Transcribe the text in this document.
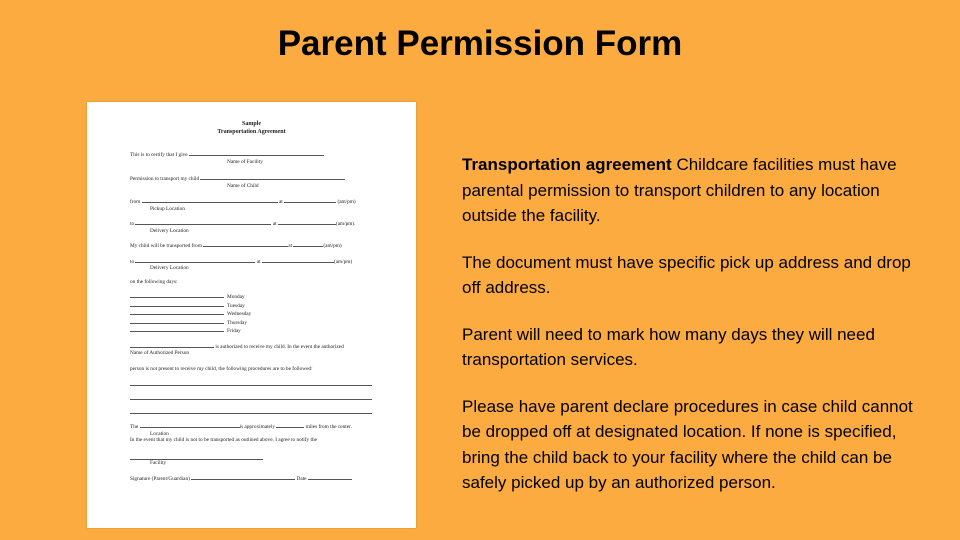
Parent Permission Form
Sample
Transportation Agreement
This is to certify that I give
Name of Facility
Permission to transport my child
Name of Child
from	at	(am/pm)
Pickup Location
to	at	(am/pm).
Delivery Location
My child will be transported from	at	(am/pm)
to	at	(am/pm)
Delivery Location
on the following days:
Monday
Tuesday
Wednesday
Thursday
Friday
is authorized to receive my child. In the event the authorized
Name of Authorized Person
person is not present to receive my child, the following procedures are to be followed:
The	is approximately	miles from the center.
Location
In the event that my child is not to be transported as outlined above, I agree to notify the
Facility
Signature (Parent/Guardian)	Date

Transportation agreement Childcare facilities must have parental permission to transport children to any location outside the facility.

The document must have specific pick up address and drop off address.

Parent will need to mark how many days they will need transportation services.

Please have parent declare procedures in case child cannot be dropped off at designated location. If none is specified, bring the child back to your facility where the child can be safely picked up by an authorized person.
